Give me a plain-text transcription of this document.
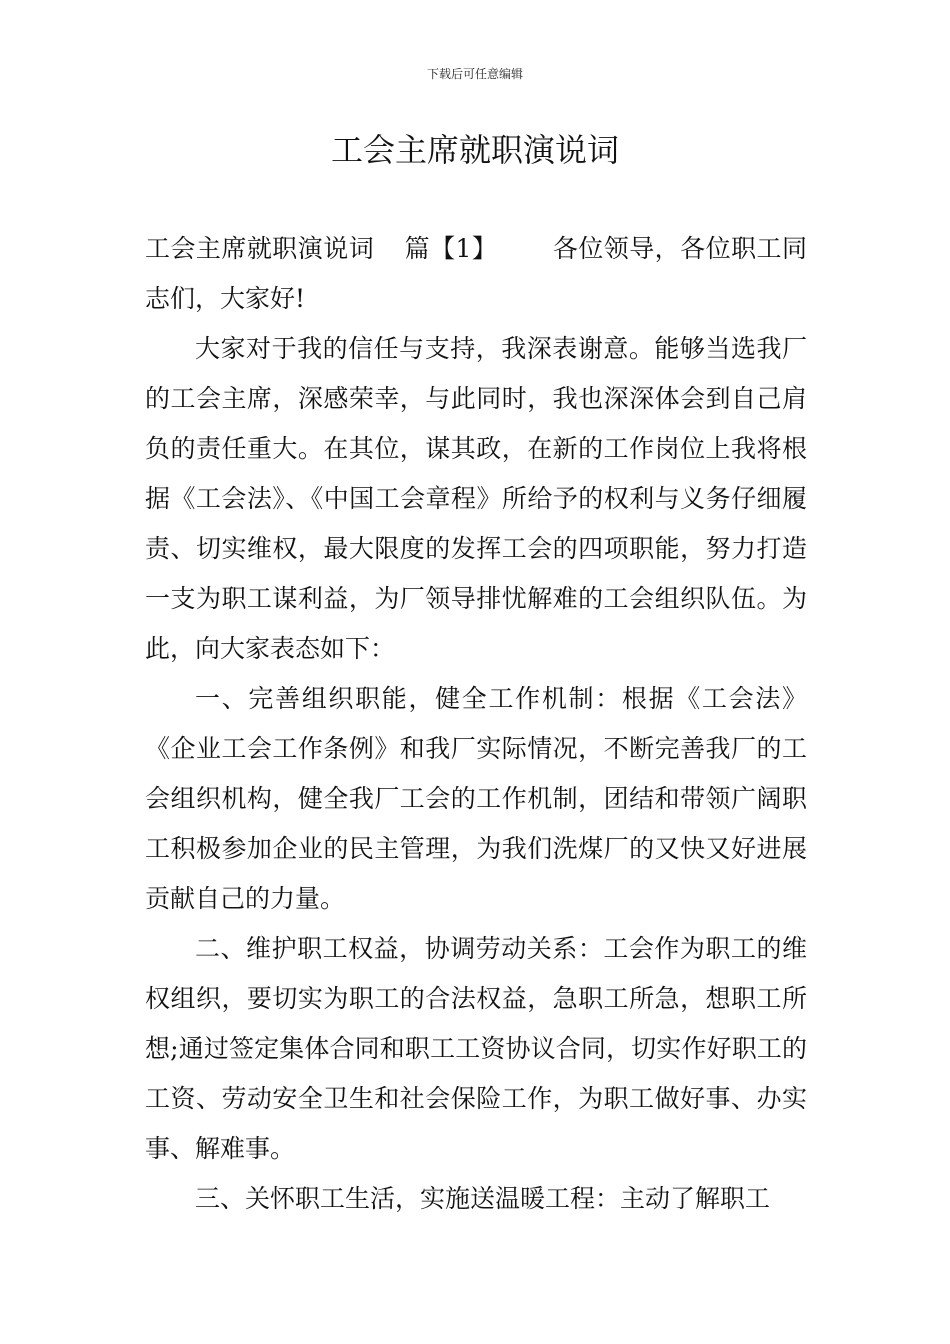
下载后可任意编辑
工会主席就职演说词

工会主席就职演说词 篇【1】 各位领导，各位职工同志们，大家好!

大家对于我的信任与支持，我深表谢意。能够当选我厂的工会主席，深感荣幸，与此同时，我也深深体会到自己肩负的责任重大。在其位，谋其政，在新的工作岗位上我将根据《工会法》、《中国工会章程》所给予的权利与义务仔细履责、切实维权，最大限度的发挥工会的四项职能，努力打造一支为职工谋利益，为厂领导排忧解难的工会组织队伍。为此，向大家表态如下：

一、完善组织职能，健全工作机制：根据《工会法》《企业工会工作条例》和我厂实际情况，不断完善我厂的工会组织机构，健全我厂工会的工作机制，团结和带领广阔职工积极参加企业的民主管理，为我们洗煤厂的又快又好进展贡献自己的力量。

二、维护职工权益，协调劳动关系：工会作为职工的维权组织，要切实为职工的合法权益，急职工所急，想职工所想;通过签定集体合同和职工工资协议合同，切实作好职工的工资、劳动安全卫生和社会保险工作，为职工做好事、办实事、解难事。

三、关怀职工生活，实施送温暖工程：主动了解职工
